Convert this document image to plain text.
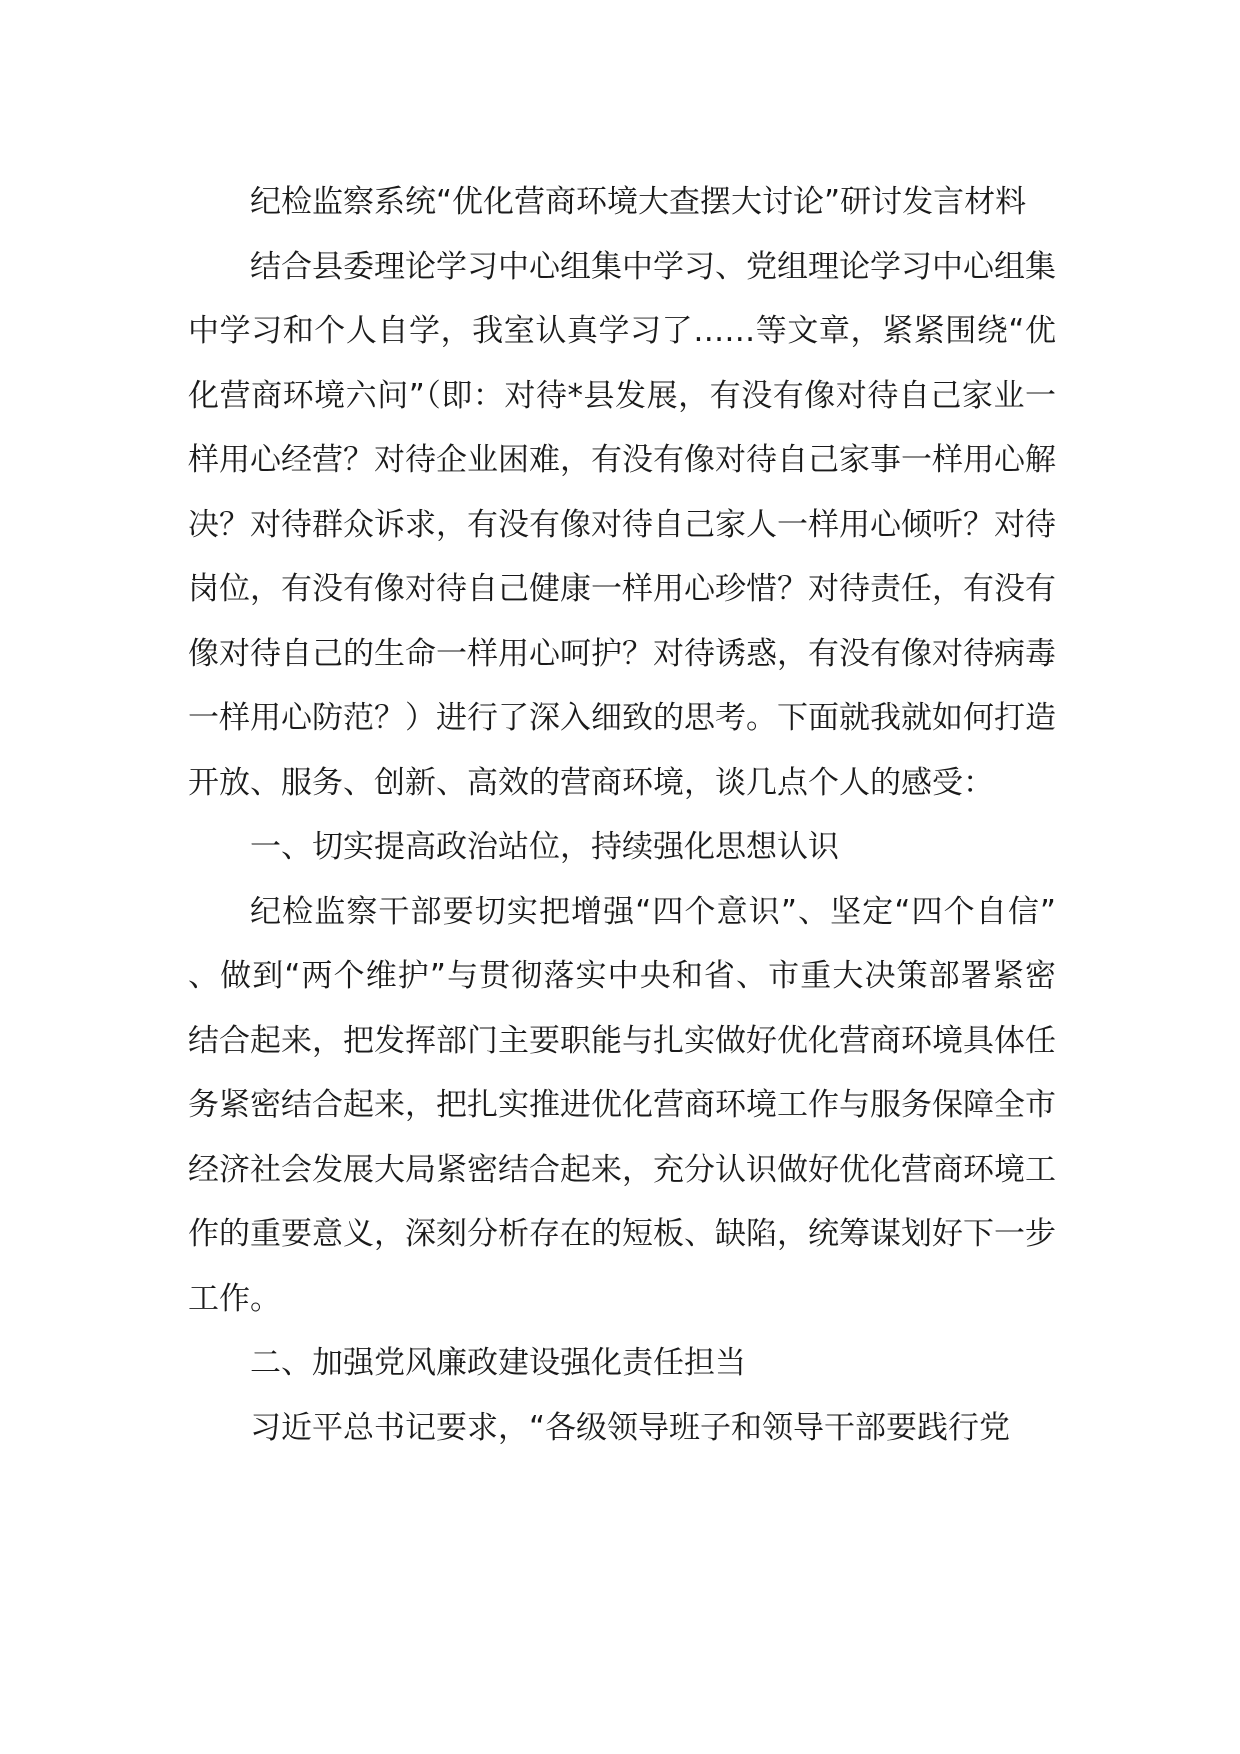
纪检监察系统“优化营商环境大查摆大讨论”研讨发言材料

结合县委理论学习中心组集中学习、党组理论学习中心组集中学习和个人自学，我室认真学习了……等文章，紧紧围绕“优化营商环境六问”（即：对待*县发展，有没有像对待自己家业一样用心经营？对待企业困难，有没有像对待自己家事一样用心解决？对待群众诉求，有没有像对待自己家人一样用心倾听？对待岗位，有没有像对待自己健康一样用心珍惜？对待责任，有没有像对待自己的生命一样用心呵护？对待诱惑，有没有像对待病毒一样用心防范？）进行了深入细致的思考。下面就我就如何打造开放、服务、创新、高效的营商环境，谈几点个人的感受：

一、切实提高政治站位，持续强化思想认识

纪检监察干部要切实把增强“四个意识”、坚定“四个自信”、做到“两个维护”与贯彻落实中央和省、市重大决策部署紧密结合起来，把发挥部门主要职能与扎实做好优化营商环境具体任务紧密结合起来，把扎实推进优化营商环境工作与服务保障全市经济社会发展大局紧密结合起来，充分认识做好优化营商环境工作的重要意义，深刻分析存在的短板、缺陷，统筹谋划好下一步工作。

二、加强党风廉政建设强化责任担当

习近平总书记要求，“各级领导班子和领导干部要践行党
